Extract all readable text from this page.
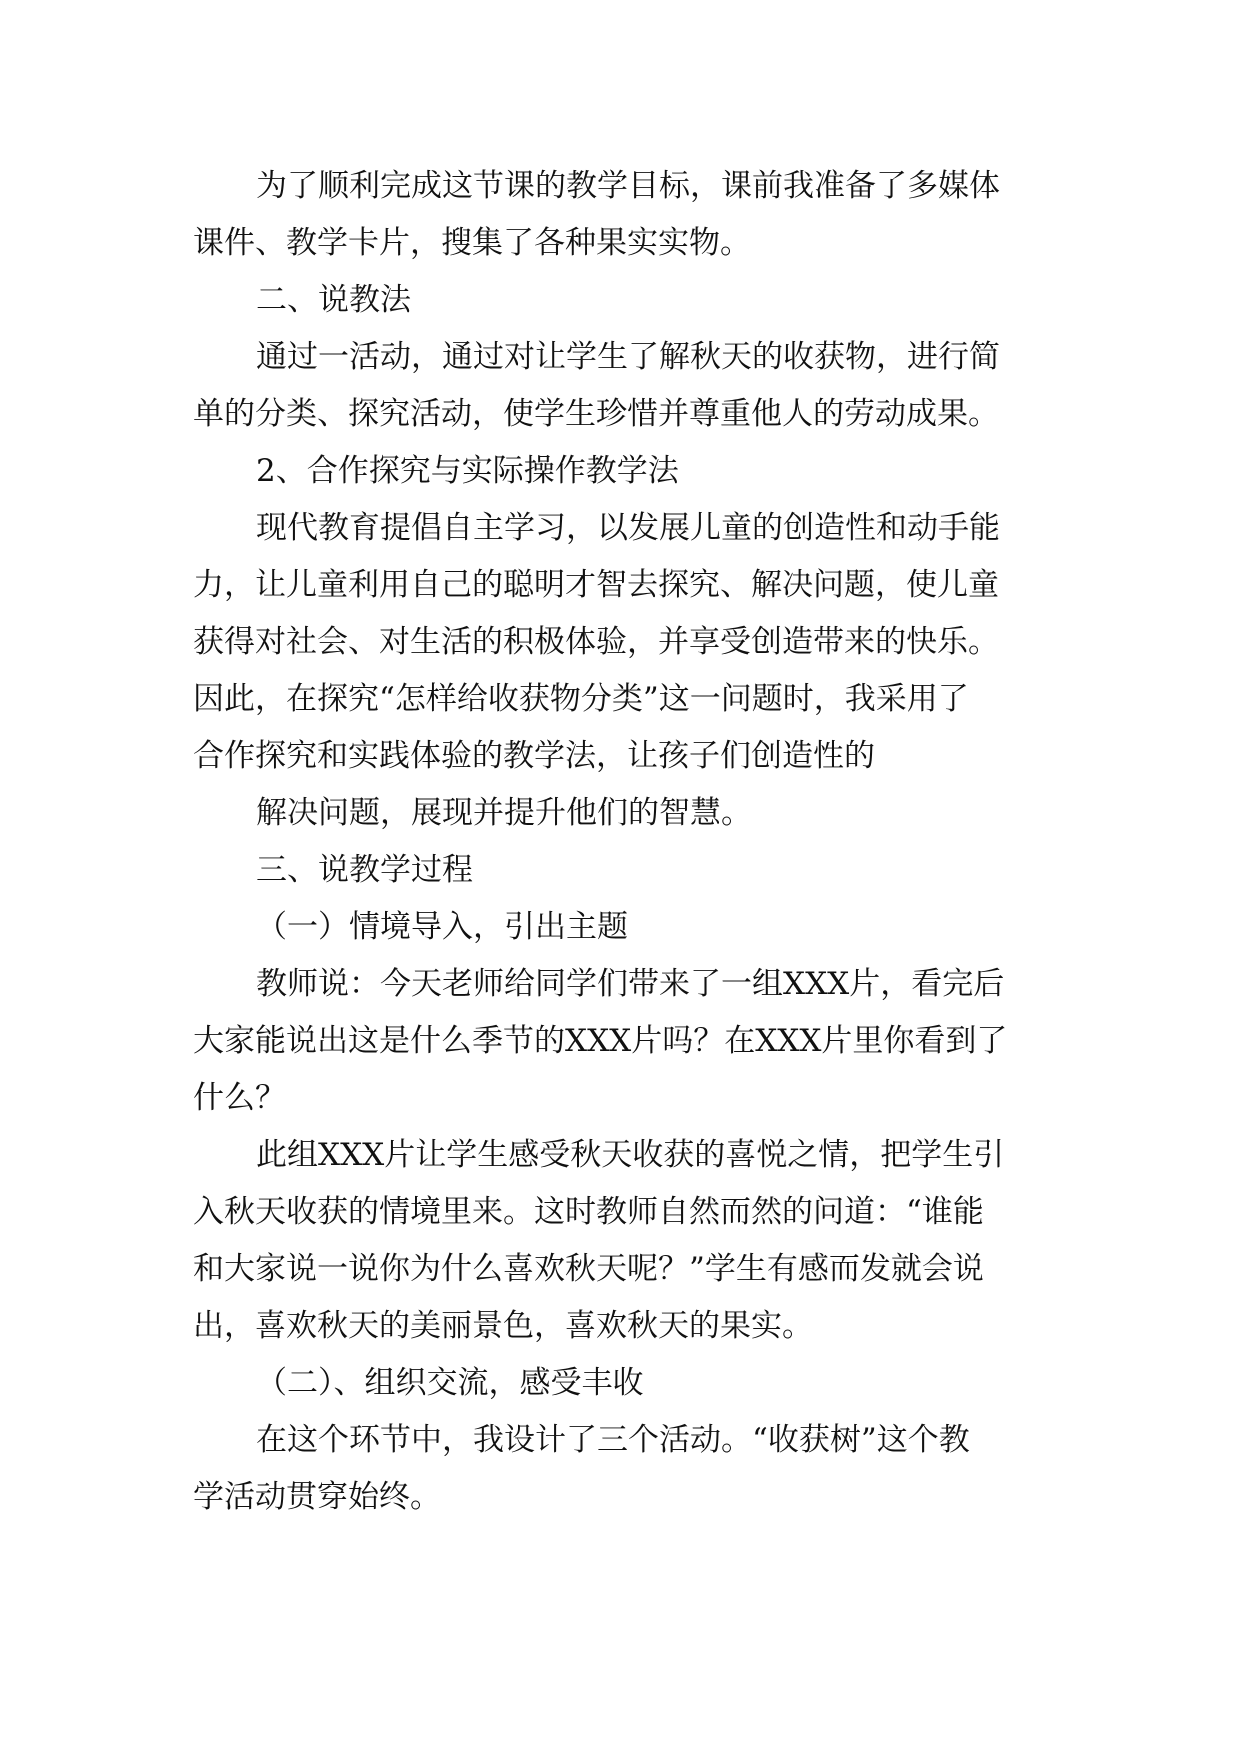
为了顺利完成这节课的教学目标，课前我准备了多媒体
课件、教学卡片，搜集了各种果实实物。
二、说教法
通过一活动，通过对让学生了解秋天的收获物，进行简
单的分类、探究活动，使学生珍惜并尊重他人的劳动成果。
2、合作探究与实际操作教学法
现代教育提倡自主学习，以发展儿童的创造性和动手能
力，让儿童利用自己的聪明才智去探究、解决问题，使儿童
获得对社会、对生活的积极体验，并享受创造带来的快乐。
因此，在探究“怎样给收获物分类”这一问题时，我采用了
合作探究和实践体验的教学法，让孩子们创造性的
解决问题，展现并提升他们的智慧。
三、说教学过程
（一）情境导入，引出主题
教师说：今天老师给同学们带来了一组XXX片，看完后
大家能说出这是什么季节的XXX片吗？在XXX片里你看到了
什么？
此组XXX片让学生感受秋天收获的喜悦之情，把学生引
入秋天收获的情境里来。这时教师自然而然的问道：“谁能
和大家说一说你为什么喜欢秋天呢？”学生有感而发就会说
出，喜欢秋天的美丽景色，喜欢秋天的果实。
（二）、组织交流，感受丰收
在这个环节中，我设计了三个活动。“收获树”这个教
学活动贯穿始终。
